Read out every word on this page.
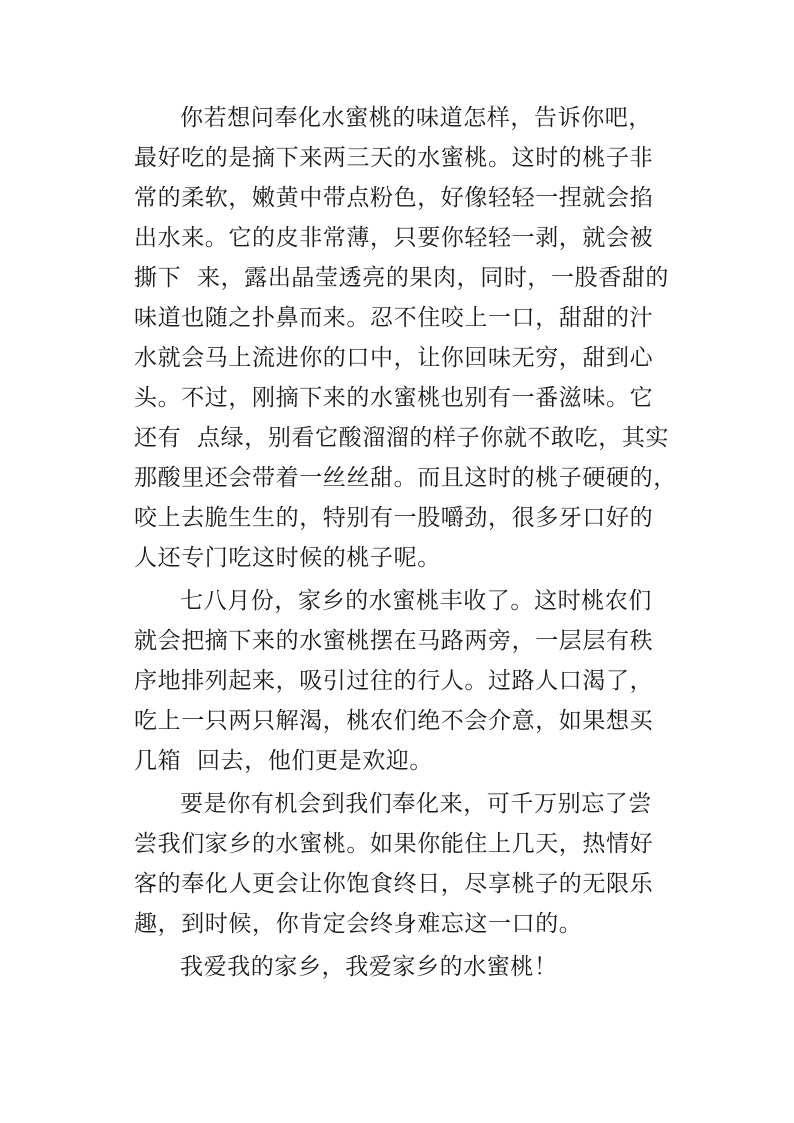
你若想问奉化水蜜桃的味道怎样，告诉你吧，
最好吃的是摘下来两三天的水蜜桃。这时的桃子非
常的柔软，嫩黄中带点粉色，好像轻轻一捏就会掐
出水来。它的皮非常薄，只要你轻轻一剥，就会被
撕下  来，露出晶莹透亮的果肉，同时，一股香甜的
味道也随之扑鼻而来。忍不住咬上一口，甜甜的汁
水就会马上流进你的口中，让你回味无穷，甜到心
头。不过，刚摘下来的水蜜桃也别有一番滋味。它
还有  点绿，别看它酸溜溜的样子你就不敢吃，其实
那酸里还会带着一丝丝甜。而且这时的桃子硬硬的，
咬上去脆生生的，特别有一股嚼劲，很多牙口好的
人还专门吃这时候的桃子呢。
七八月份，家乡的水蜜桃丰收了。这时桃农们
就会把摘下来的水蜜桃摆在马路两旁，一层层有秩
序地排列起来，吸引过往的行人。过路人口渴了，
吃上一只两只解渴，桃农们绝不会介意，如果想买
几箱  回去，他们更是欢迎。
要是你有机会到我们奉化来，可千万别忘了尝
尝我们家乡的水蜜桃。如果你能住上几天，热情好
客的奉化人更会让你饱食终日，尽享桃子的无限乐
趣，到时候，你肯定会终身难忘这一口的。
我爱我的家乡，我爱家乡的水蜜桃！
